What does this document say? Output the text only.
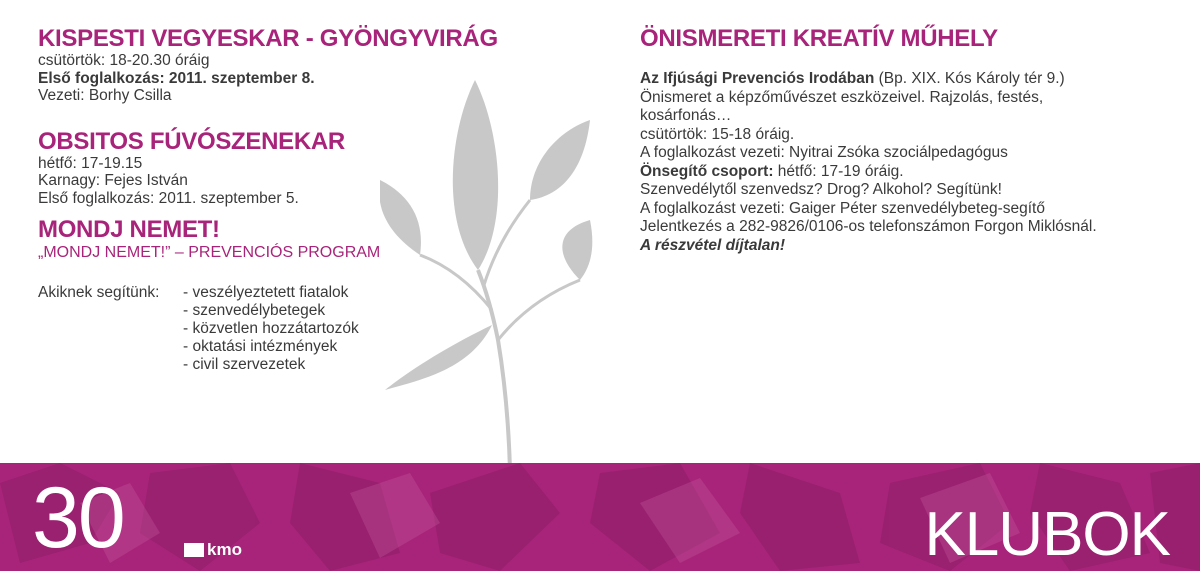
KISPESTI VEGYESKAR - GYÖNGYVIRÁG

csütörtök: 18-20.30 óráig

Első foglalkozás: 2011. szeptember 8.

Vezeti: Borhy Csilla

OBSITOS FÚVÓSZENEKAR

hétfő: 17-19.15

Karnagy: Fejes István

Első foglalkozás: 2011. szeptember 5.

MONDJ NEMET!

„MONDJ NEMET!” – PREVENCIÓS PROGRAM

Akiknek segítünk:	- veszélyeztetett fiatalok
- szenvedélybetegek
- közvetlen hozzátartozók
- oktatási intézmények
- civil szervezetek
ÖNISMERETI KREATÍV MŰHELY

Az Ifjúsági Prevenciós Irodában (Bp. XIX. Kós Károly tér 9.)

Önismeret a képzőművészet eszközeivel. Rajzolás, festés,

kosárfonás…

csütörtök: 15-18 óráig.

A foglalkozást vezeti: Nyitrai Zsóka szociálpedagógus

Önsegítő csoport: hétfő: 17-19 óráig.

Szenvedélytől szenvedsz? Drog? Alkohol? Segítünk!

A foglalkozást vezeti: Gaiger Péter szenvedélybeteg-segítő

Jelentkezés a 282-9826/0106-os telefonszámon Forgon Miklósnál.

A részvétel díjtalan!

30	kmo	KLUBOK
